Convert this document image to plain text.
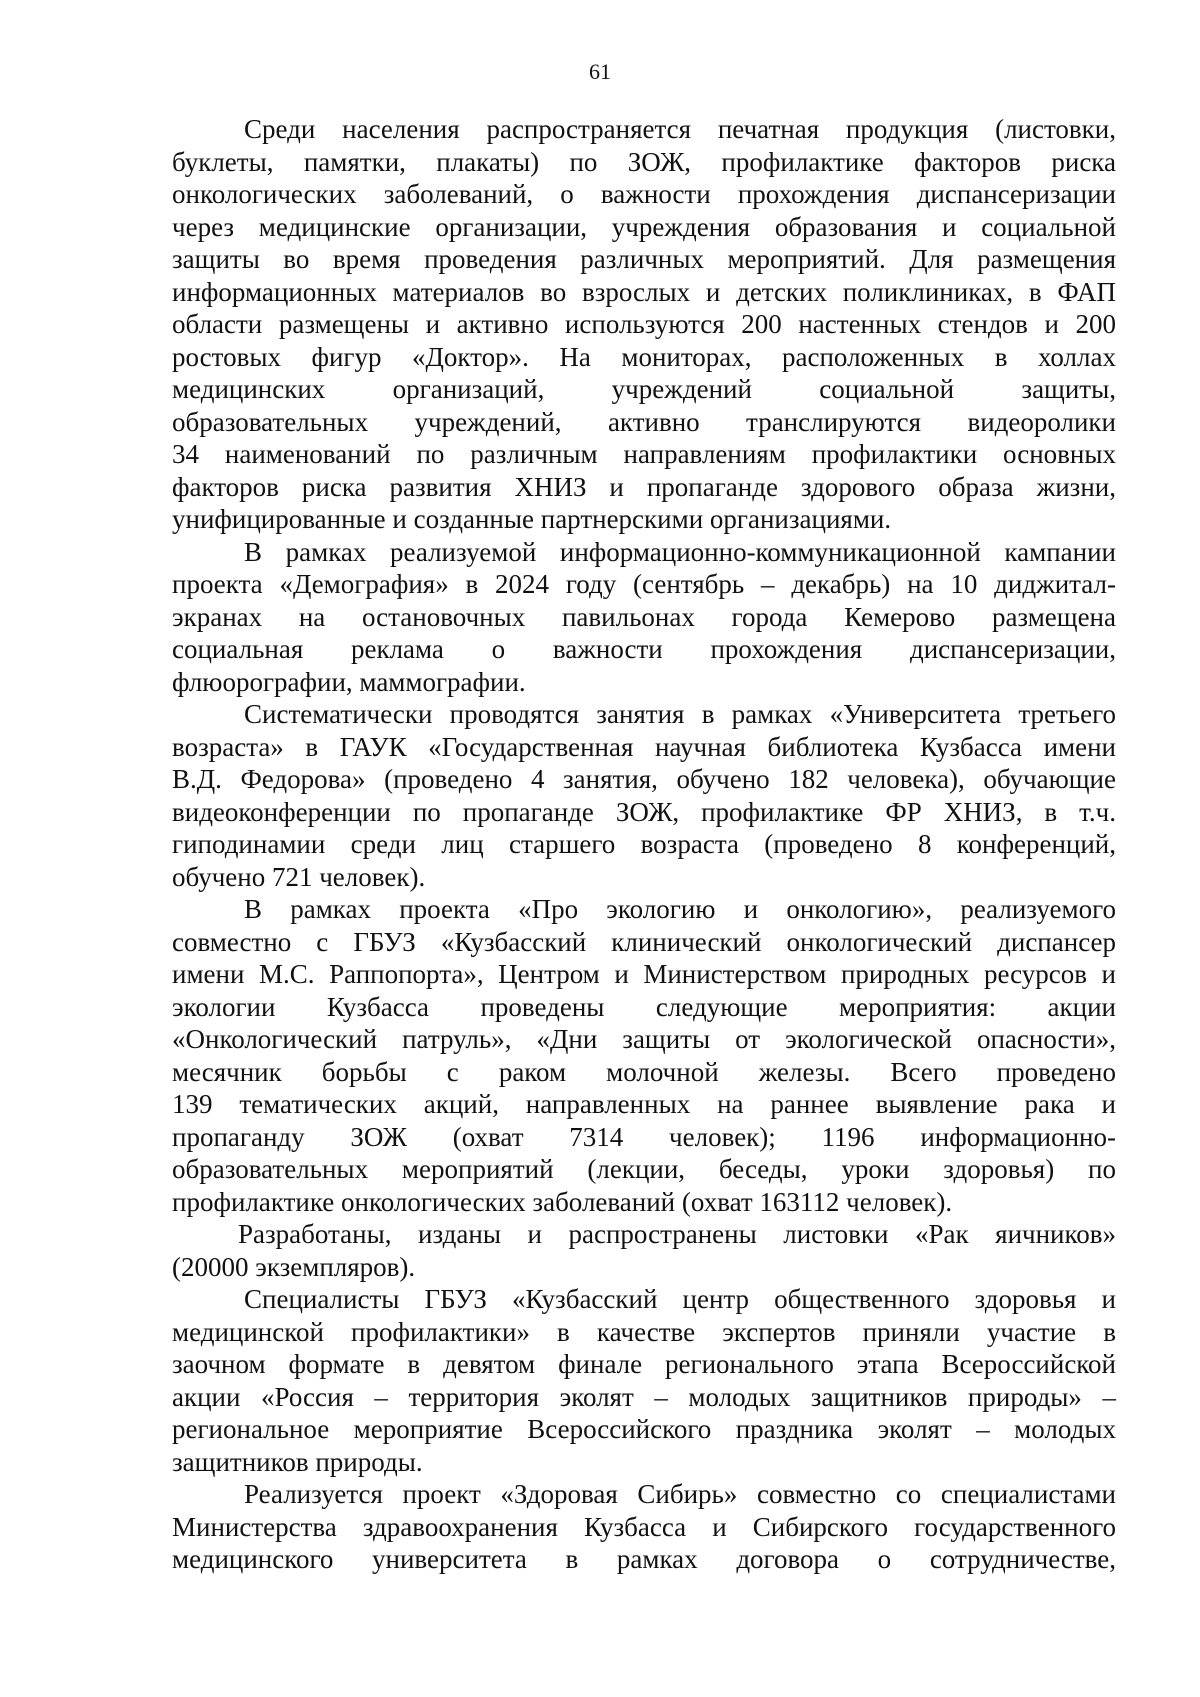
61
Среди населения распространяется печатная продукция (листовки,
буклеты, памятки, плакаты) по ЗОЖ, профилактике факторов риска
онкологических заболеваний, о важности прохождения диспансеризации
через медицинские организации, учреждения образования и социальной
защиты во время проведения различных мероприятий. Для размещения
информационных материалов во взрослых и детских поликлиниках, в ФАП
области размещены и активно используются 200 настенных стендов и 200
ростовых фигур «Доктор». На мониторах, расположенных в холлах
медицинских организаций, учреждений социальной защиты,
образовательных учреждений, активно транслируются видеоролики
34 наименований по различным направлениям профилактики основных
факторов риска развития ХНИЗ и пропаганде здорового образа жизни,
унифицированные и созданные партнерскими организациями.
В рамках реализуемой информационно-коммуникационной кампании
проекта «Демография» в 2024 году (сентябрь – декабрь) на 10 диджитал-
экранах на остановочных павильонах города Кемерово размещена
социальная реклама о важности прохождения диспансеризации,
флюорографии, маммографии.
Систематически проводятся занятия в рамках «Университета третьего
возраста» в ГАУК «Государственная научная библиотека Кузбасса имени
В.Д. Федорова» (проведено 4 занятия, обучено 182 человека), обучающие
видеоконференции по пропаганде ЗОЖ, профилактике ФР ХНИЗ, в т.ч.
гиподинамии среди лиц старшего возраста (проведено 8 конференций,
обучено 721 человек).
В рамках проекта «Про экологию и онкологию», реализуемого
совместно с ГБУЗ «Кузбасский клинический онкологический диспансер
имени М.С. Раппопорта», Центром и Министерством природных ресурсов и
экологии Кузбасса проведены следующие мероприятия: акции
«Онкологический патруль», «Дни защиты от экологической опасности»,
месячник борьбы с раком молочной железы. Всего проведено
139 тематических акций, направленных на раннее выявление рака и
пропаганду ЗОЖ (охват 7314 человек); 1196 информационно-
образовательных мероприятий (лекции, беседы, уроки здоровья) по
профилактике онкологических заболеваний (охват 163112 человек).
Разработаны, изданы и распространены листовки «Рак яичников»
(20000 экземпляров).
Специалисты ГБУЗ «Кузбасский центр общественного здоровья и
медицинской профилактики» в качестве экспертов приняли участие в
заочном формате в девятом финале регионального этапа Всероссийской
акции «Россия – территория эколят – молодых защитников природы» –
региональное мероприятие Всероссийского праздника эколят – молодых
защитников природы.
Реализуется проект «Здоровая Сибирь» совместно со специалистами
Министерства здравоохранения Кузбасса и Сибирского государственного
медицинского университета в рамках договора о сотрудничестве,
